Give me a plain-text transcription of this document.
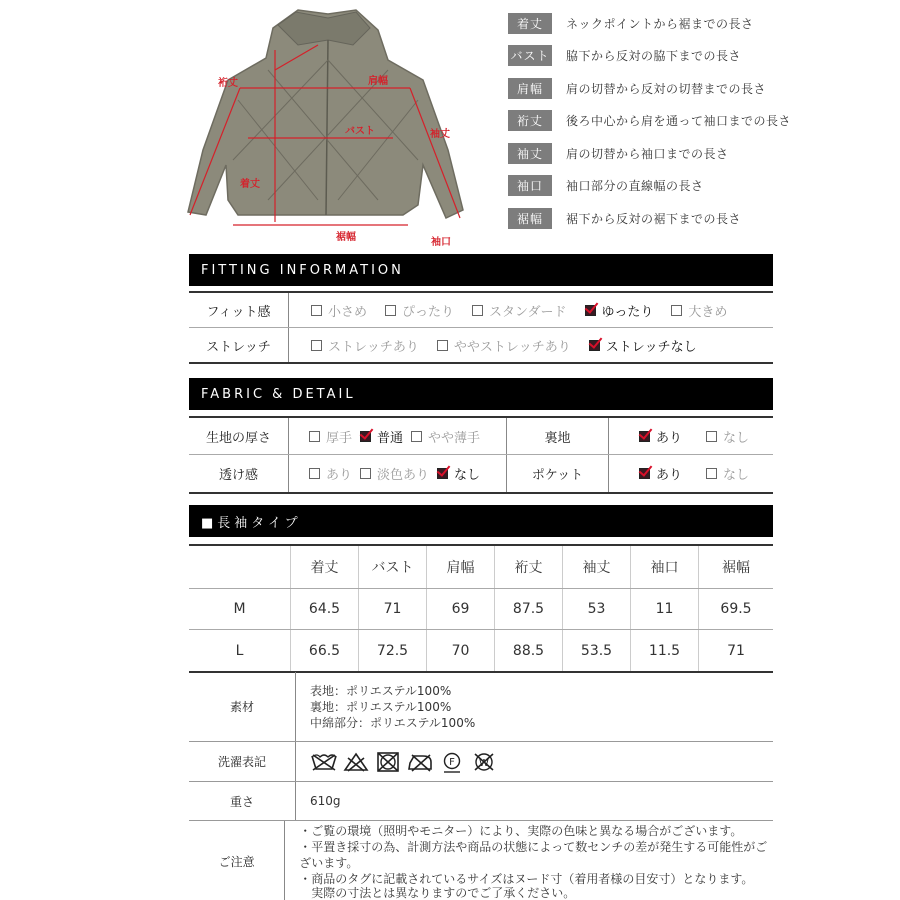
裄丈	肩幅
バスト	袖丈
着丈
裾幅	袖口
着丈	ネックポイントから裾までの長さ
バスト 脇下から反対の脇下までの長さ
肩幅	肩の切替から反対の切替までの長さ
裄丈	後ろ中心から肩を通って袖口までの長さ
袖丈	肩の切替から袖口までの長さ
袖口	袖口部分の直線幅の長さ
裾幅	裾下から反対の裾下までの長さ
FITTING INFORMATION
フィット感	小さめ	ぴったり	スタンダード	ゆったり	大きめ
ストレッチ	ストレッチあり	ややストレッチあり	ストレッチなし
FABRIC & DETAIL
生地の厚さ	厚手 普通 やや薄手	裏地	あり	なし
透け感	あり 淡色あり なし	ポケット	あり	なし
■長袖タイプ
着丈	バスト	肩幅	裄丈	袖丈	袖口	裾幅
M	64.5	71	69	87.5	53	11	69.5
L	66.5	72.5	70	88.5	53.5	11.5	71
素材
表地：ポリエステル100%
裏地：ポリエステル100%
中綿部分：ポリエステル100%
洗濯表記	F W
重さ	610g
ご注意
・ご覧の環境（照明やモニター）により、実際の色味と異なる場合がございます。
・平置き採寸の為、計測方法や商品の状態によって数センチの差が発生する可能性がございます。
・商品のタグに記載されているサイズはヌード寸（着用者様の目安寸）となります。
　実際の寸法とは異なりますのでご了承ください。
